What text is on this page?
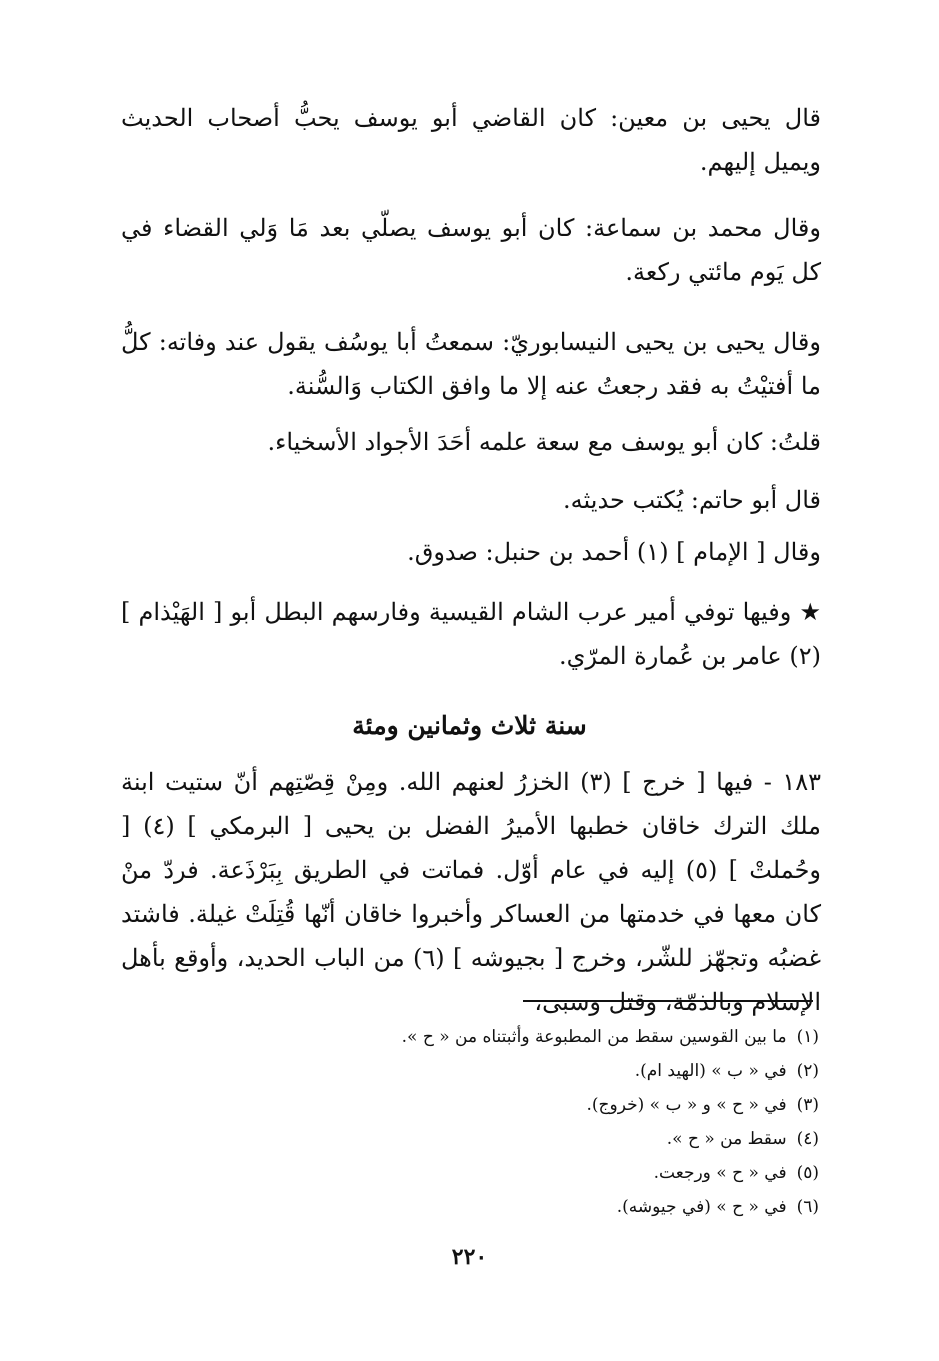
قال يحيى بن معين: كان القاضي أبو يوسف يحبُّ أصحاب الحديث ويميل إليهم.

وقال محمد بن سماعة: كان أبو يوسف يصلّي بعد مَا وَلي القضاء في كل يَوم مائتي ركعة.

وقال يحيى بن يحيى النيسابوريّ: سمعتُ أبا يوسُف يقول عند وفاته: كلُّ ما أفتيْتُ به فقد رجعتُ عنه إلا ما وافق الكتاب وَالسُّنة.

قلتُ: كان أبو يوسف مع سعة علمه أحَدَ الأجواد الأسخياء.

قال أبو حاتم: يُكتب حديثه.

وقال [ الإمام ] (١) أحمد بن حنبل: صدوق.

★ وفيها توفي أمير عرب الشام القيسية وفارسهم البطل أبو [ الهَيْذام ] (٢) عامر بن عُمارة المرّي.

سنة ثلاث وثمانين ومئة

١٨٣ - فيها [ خرج ] (٣) الخزرُ لعنهم الله. ومِنْ قِصّتِهم أنّ ستيت ابنة ملك الترك خاقان خطبها الأميرُ الفضل بن يحيى [ البرمكي ] (٤) [ وحُملتْ ] (٥) إليه في عام أوّل. فماتت في الطريق بِبَرْذَعة. فردّ منْ كان معها في خدمتها من العساكر وأخبروا خاقان أنّها قُتِلَتْ غيلة. فاشتد غضبُه وتجهّز للشّر، وخرج [ بجيوشه ] (٦) من الباب الحديد، وأوقع بأهل الإسلام وبالذمّة، وقتل وسبى،

(١)
ما بين القوسين سقط من المطبوعة وأثبتناه من « ح ».
(٢)
في « ب » (الهيد ام).
(٣)
في « ح » و « ب » (خروج).
(٤)
سقط من « ح ».
(٥)
في « ح » ورجعت.
(٦)
في « ح » (في جيوشه).

٢٢٠
